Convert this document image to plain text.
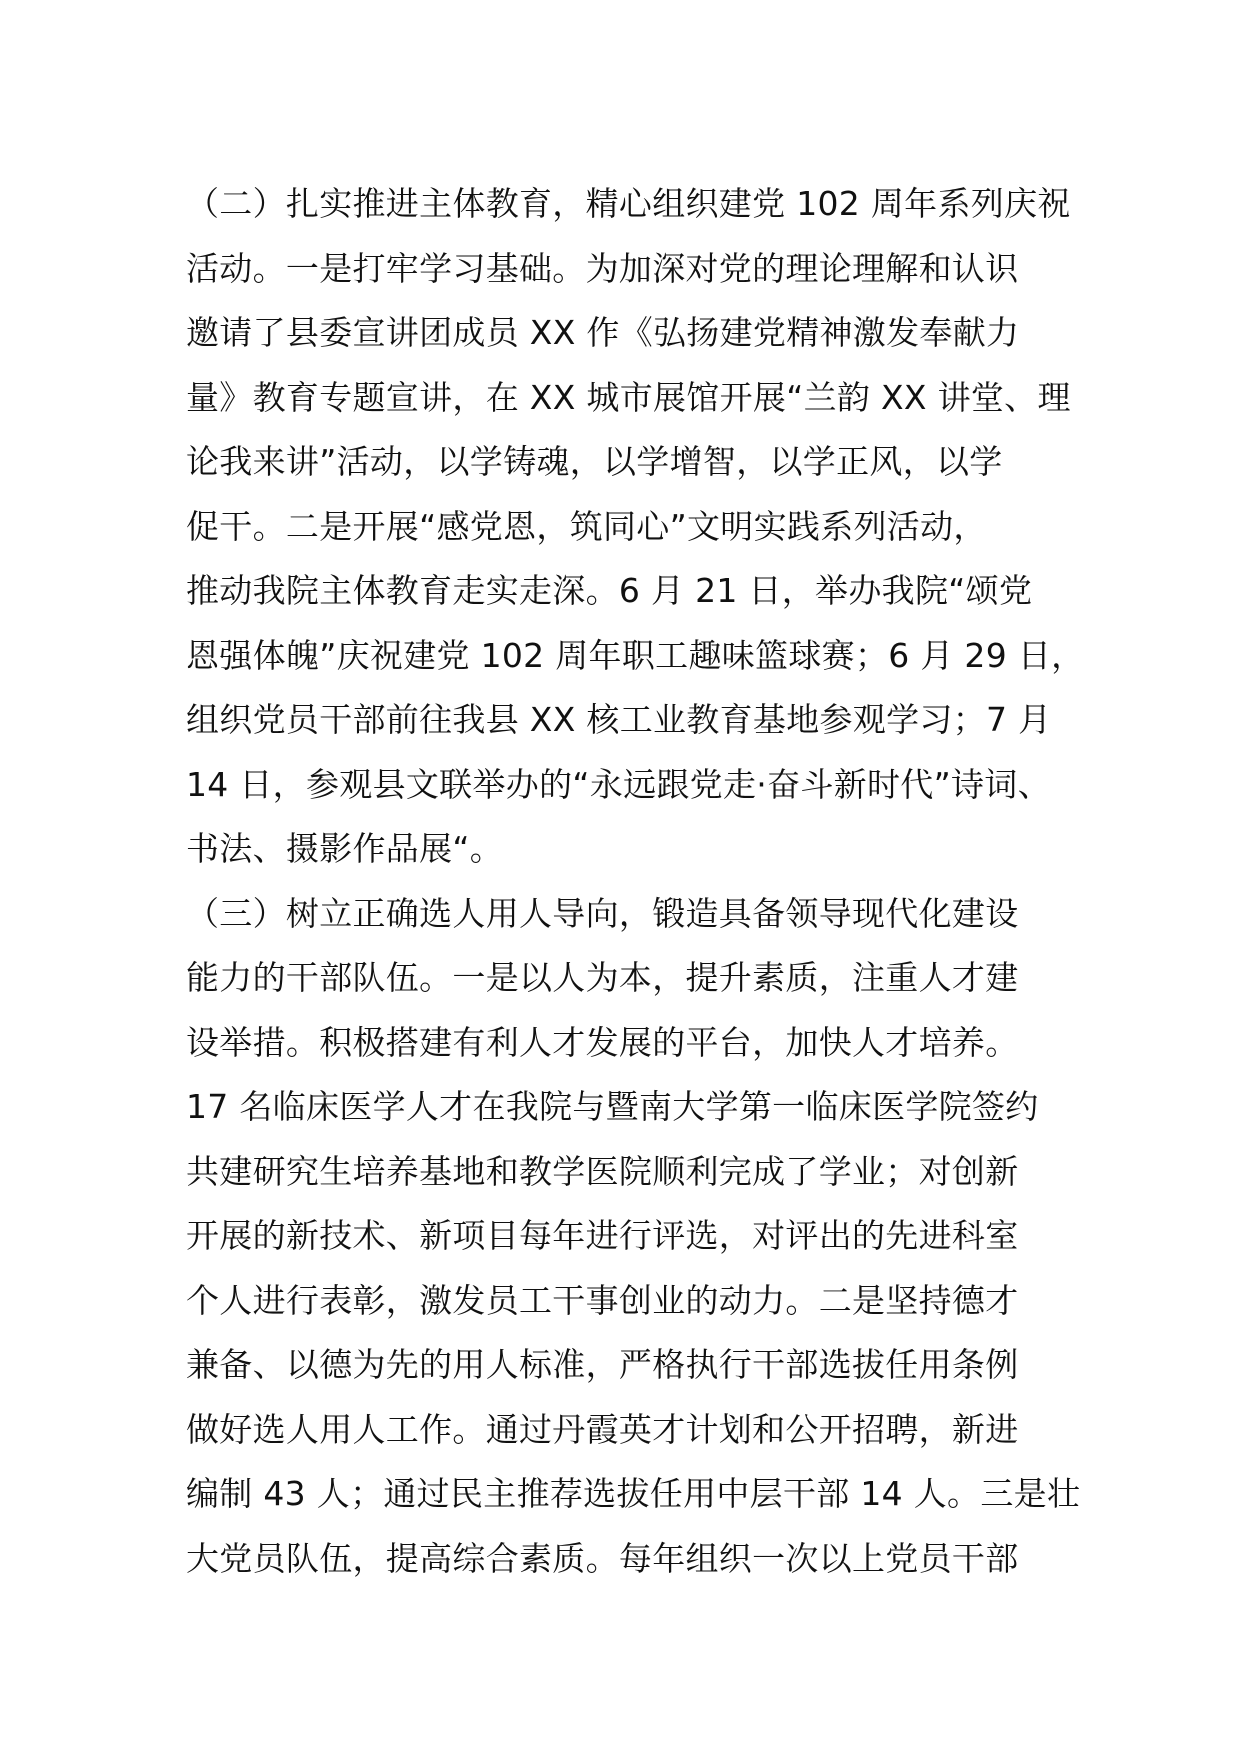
（二）扎实推进主体教育，精心组织建党 102 周年系列庆祝
活动。一是打牢学习基础。为加深对党的理论理解和认识
邀请了县委宣讲团成员 XX 作《弘扬建党精神激发奉献力
量》教育专题宣讲，在 XX 城市展馆开展“兰韵 XX 讲堂、理
论我来讲”活动，以学铸魂，以学增智，以学正风，以学
促干。二是开展“感党恩，筑同心”文明实践系列活动，
推动我院主体教育走实走深。6 月 21 日，举办我院“颂党
恩强体魄”庆祝建党 102 周年职工趣味篮球赛；6 月 29 日，
组织党员干部前往我县 XX 核工业教育基地参观学习；7 月
14 日，参观县文联举办的“永远跟党走·奋斗新时代”诗词、
书法、摄影作品展“。
（三）树立正确选人用人导向，锻造具备领导现代化建设
能力的干部队伍。一是以人为本，提升素质，注重人才建
设举措。积极搭建有利人才发展的平台，加快人才培养。
17 名临床医学人才在我院与暨南大学第一临床医学院签约
共建研究生培养基地和教学医院顺利完成了学业；对创新
开展的新技术、新项目每年进行评选，对评出的先进科室
个人进行表彰，激发员工干事创业的动力。二是坚持德才
兼备、以德为先的用人标准，严格执行干部选拔任用条例
做好选人用人工作。通过丹霞英才计划和公开招聘，新进
编制 43 人；通过民主推荐选拔任用中层干部 14 人。三是壮
大党员队伍，提高综合素质。每年组织一次以上党员干部
